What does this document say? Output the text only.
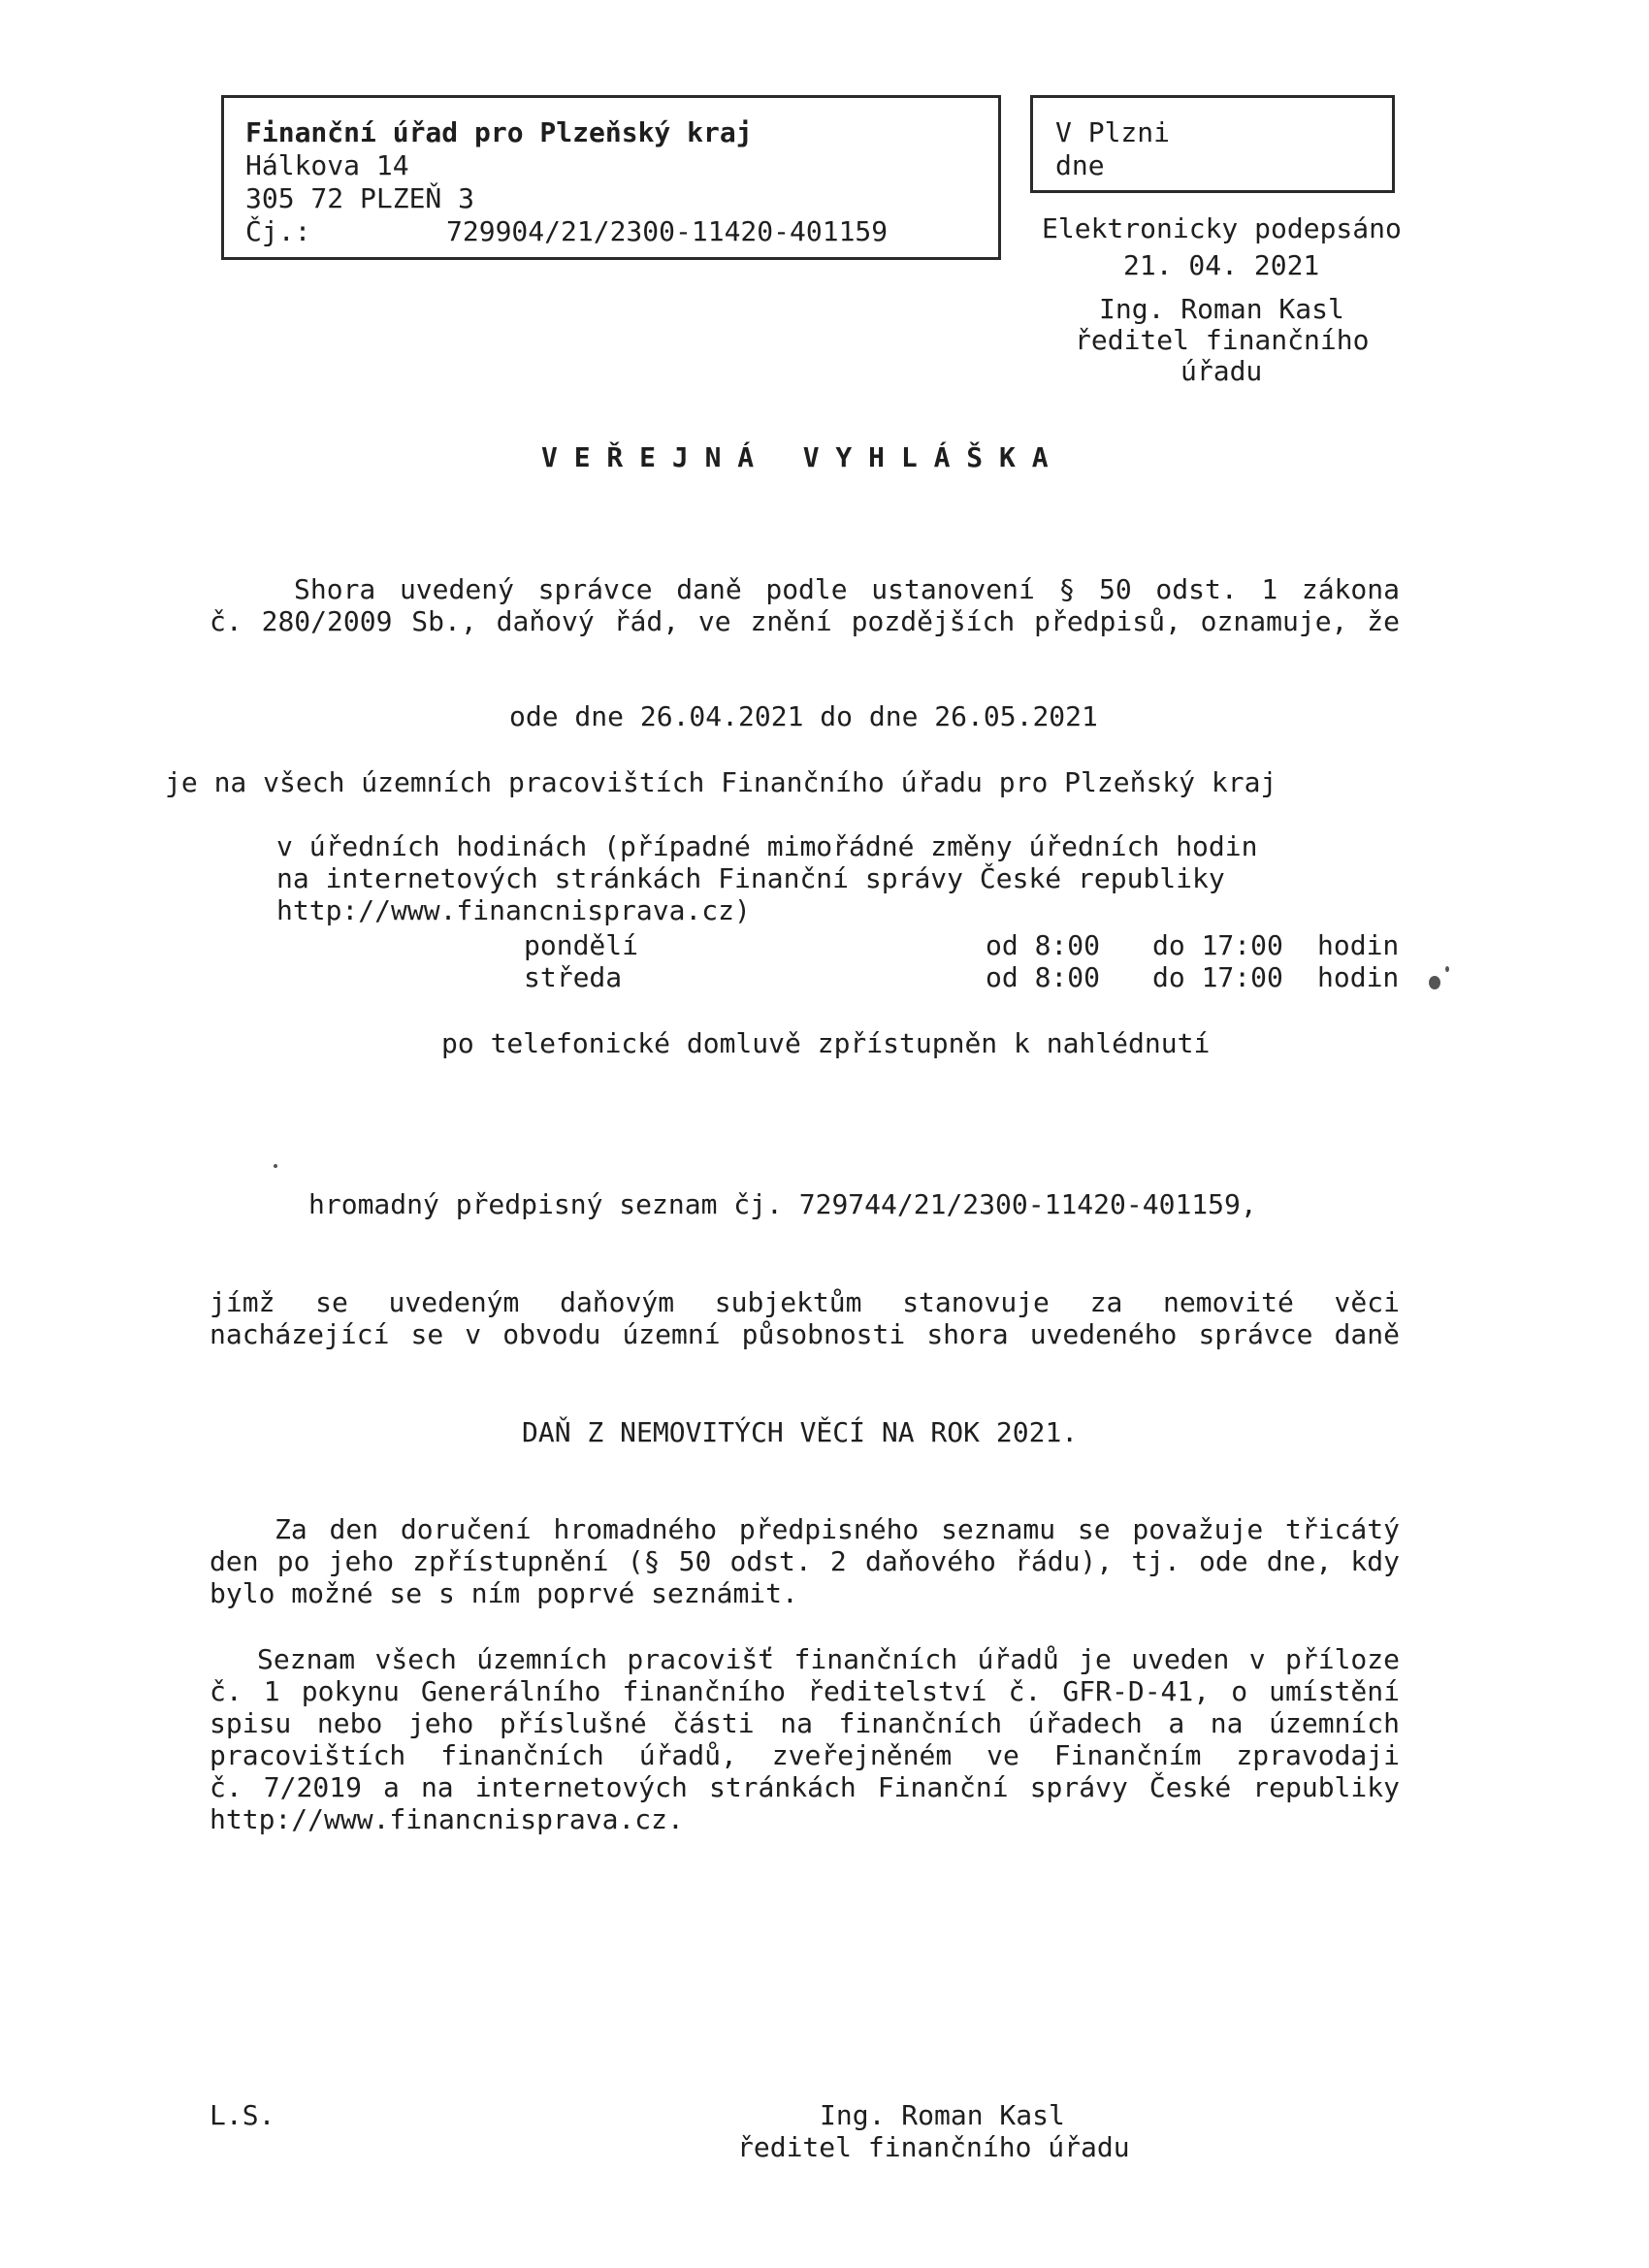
Finanční úřad pro Plzeňský kraj
Hálkova 14
305 72 PLZEŇ 3
Čj.:	729904/21/2300-11420-401159
V Plzni
dne
Elektronicky podepsáno
21. 04. 2021
Ing. Roman Kasl
ředitel finančního
úřadu
V E Ř E J N Á   V Y H L Á Š K A
Shora uvedený správce daně podle ustanovení § 50 odst. 1 zákona
č. 280/2009 Sb., daňový řád, ve znění pozdějších předpisů, oznamuje, že
ode dne 26.04.2021 do dne 26.05.2021
je na všech územních pracovištích Finančního úřadu pro Plzeňský kraj
v úředních hodinách (případné mimořádné změny úředních hodin
na internetových stránkách Finanční správy České republiky
http://www.financnisprava.cz)
pondělí	od 8:00 do 17:00 hodin
středa	od 8:00 do 17:00 hodin
po telefonické domluvě zpřístupněn k nahlédnutí
hromadný předpisný seznam čj. 729744/21/2300-11420-401159,
jímž se uvedeným daňovým subjektům stanovuje za nemovité věci
nacházející se v obvodu územní působnosti shora uvedeného správce daně
DAŇ Z NEMOVITÝCH VĚCÍ NA ROK 2021.
Za den doručení hromadného předpisného seznamu se považuje třicátý
den po jeho zpřístupnění (§ 50 odst. 2 daňového řádu), tj. ode dne, kdy
bylo možné se s ním poprvé seznámit.
Seznam všech územních pracovišť finančních úřadů je uveden v příloze
č. 1 pokynu Generálního finančního ředitelství č. GFR-D-41, o umístění
spisu nebo jeho příslušné části na finančních úřadech a na územních
pracovištích finančních úřadů, zveřejněném ve Finančním zpravodaji
č. 7/2019 a na internetových stránkách Finanční správy České republiky
http://www.financnisprava.cz.
L.S.	Ing. Roman Kasl
ředitel finančního úřadu
